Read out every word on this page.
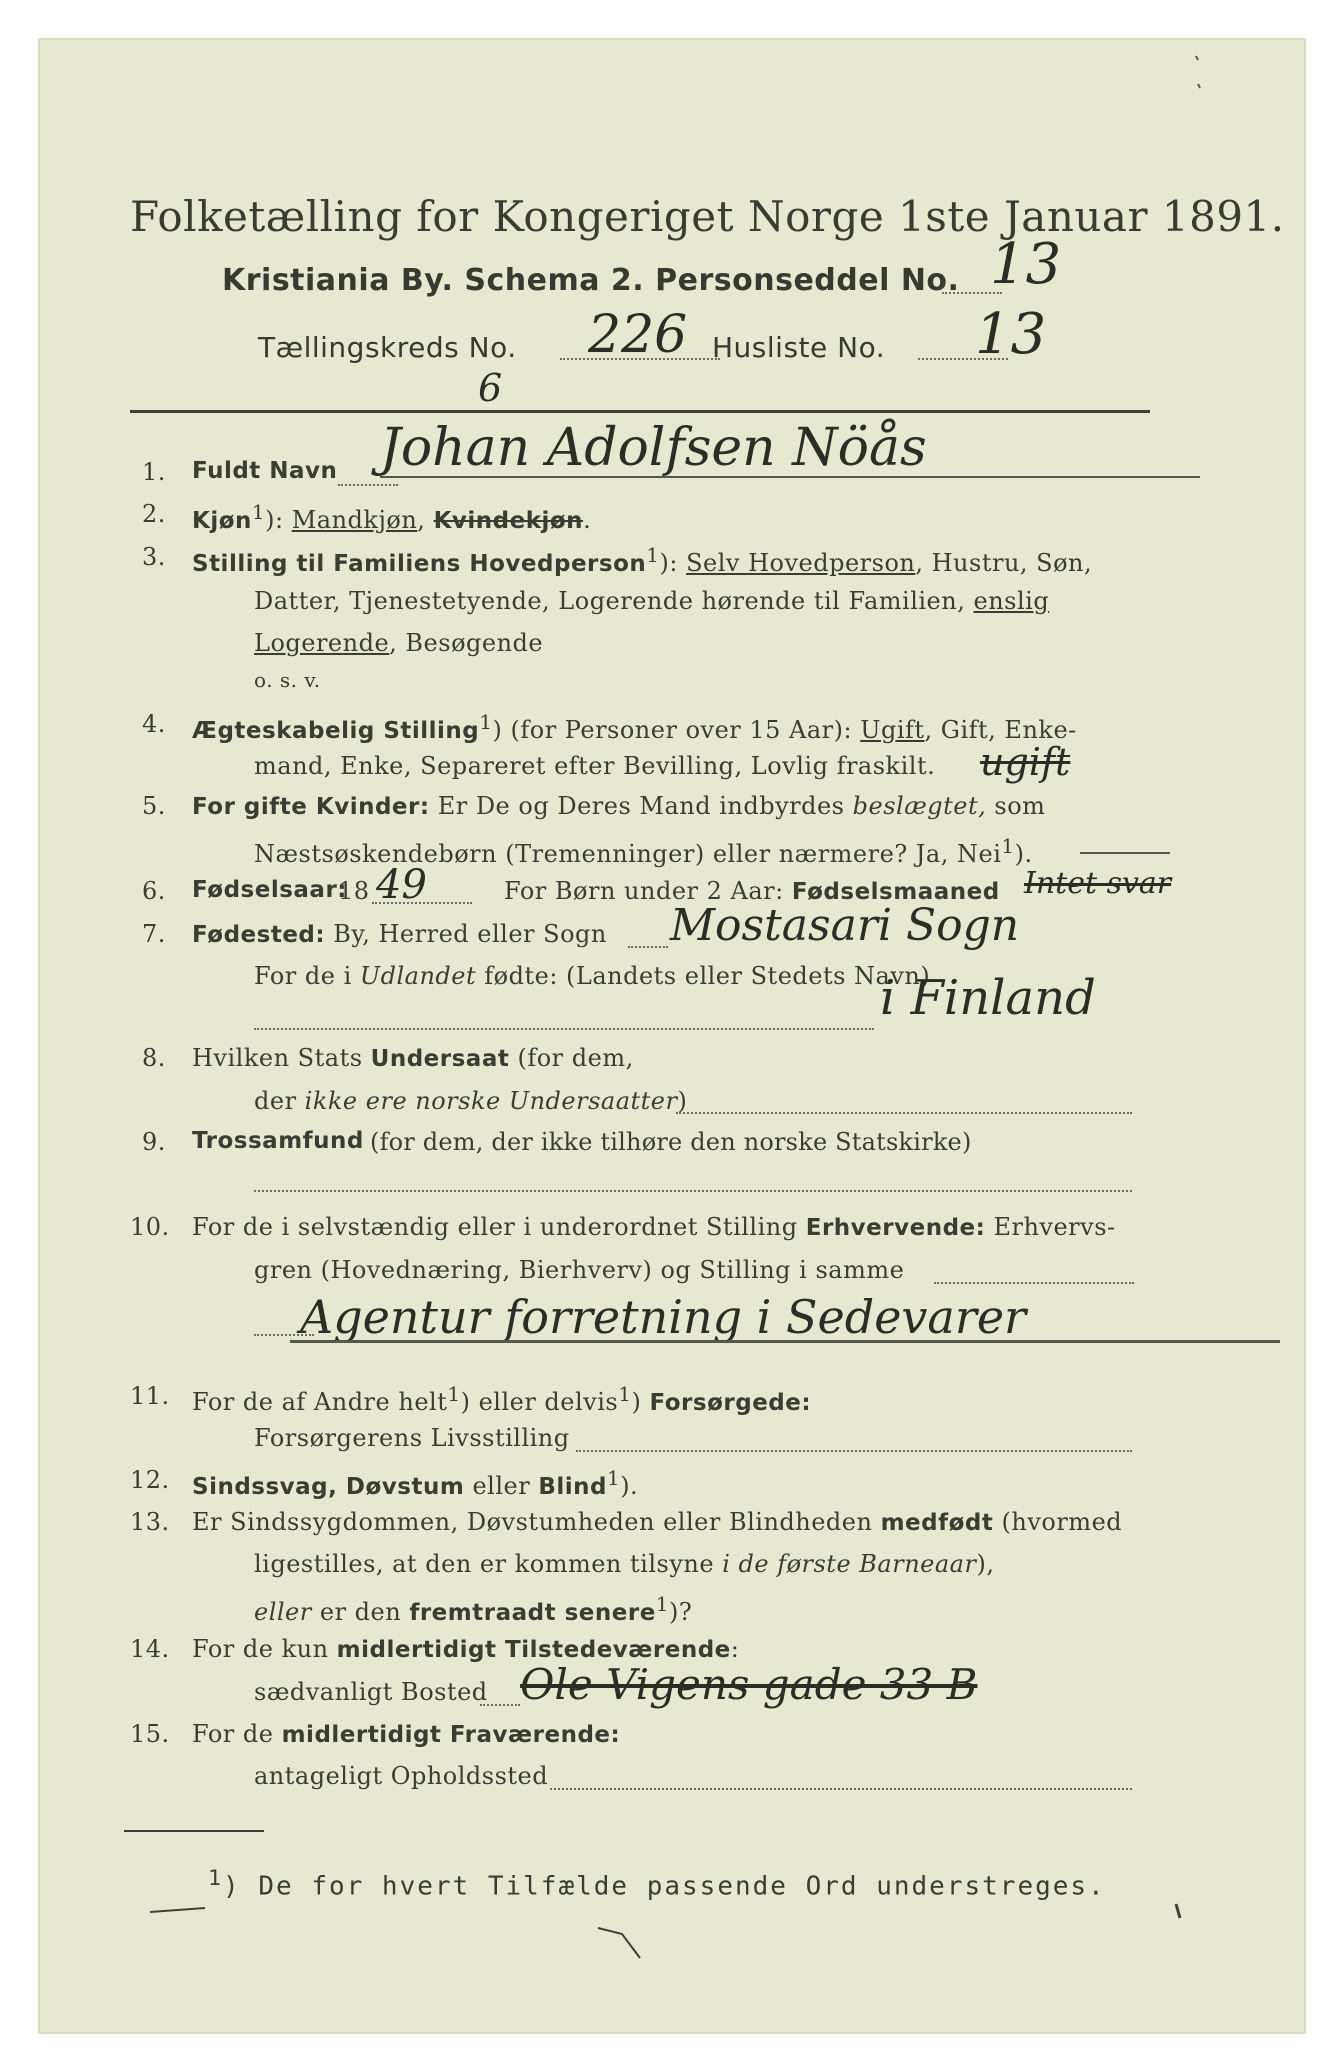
Folketælling for Kongeriget Norge 1ste Januar 1891.
Kristiania By. Schema 2. Personseddel No. 13
Tællingskreds No. 226 Husliste No. 13
6
1. Fuldt Navn Johan Adolfsen Nöås
2. Kjøn$^1$): Mandkjøn, Kvindekjøn.
3. Stilling til Familiens Hovedperson$^1$): Selv Hovedperson, Hustru, Søn,
Datter, Tjenestetyende, Logerende hørende til Familien, enslig
Logerende, Besøgende
o. s. v.
4. Ægteskabelig Stilling$^1$) (for Personer over 15 Aar): Ugift, Gift, Enke-
mand, Enke, Separeret efter Bevilling, Lovlig fraskilt. ugift
5. For gifte Kvinder: Er De og Deres Mand indbyrdes beslægtet, som
Næstsøskendebørn (Tremenninger) eller nærmere? Ja, Nei$^1$).
6. Fødselsaar:
18 49	For Børn under 2 Aar: Fødselsmaaned Intet svar
7. Fødested: By, Herred eller Sogn Mostasari Sogn
For de i Udlandet fødte: (Landets eller Stedets Navn)
i Finland
8. Hvilken Stats Undersaat (for dem,
der ikke ere norske Undersaatter)
9. Trossamfund (for dem, der ikke tilhøre den norske Statskirke)
10. For de i selvstændig eller i underordnet Stilling Erhvervende: Erhvervs-
gren (Hovednæring, Bierhverv) og Stilling i samme
Agentur forretning i Sedevarer
11. For de af Andre helt$^1$) eller delvis$^1$) Forsørgede:
Forsørgerens Livsstilling
12. Sindssvag, Døvstum eller Blind$^1$).
13. Er Sindssygdommen, Døvstumheden eller Blindheden medfødt (hvormed
ligestilles, at den er kommen tilsyne i de første Barneaar),
eller er den fremtraadt senere$^1$)?
14. For de kun midlertidigt Tilstedeværende:
sædvanligt Bosted Ole Vigens gade 33 B
15. For de midlertidigt Fraværende:
antageligt Opholdssted
$^1$) De for hvert Tilfælde passende Ord understreges.
